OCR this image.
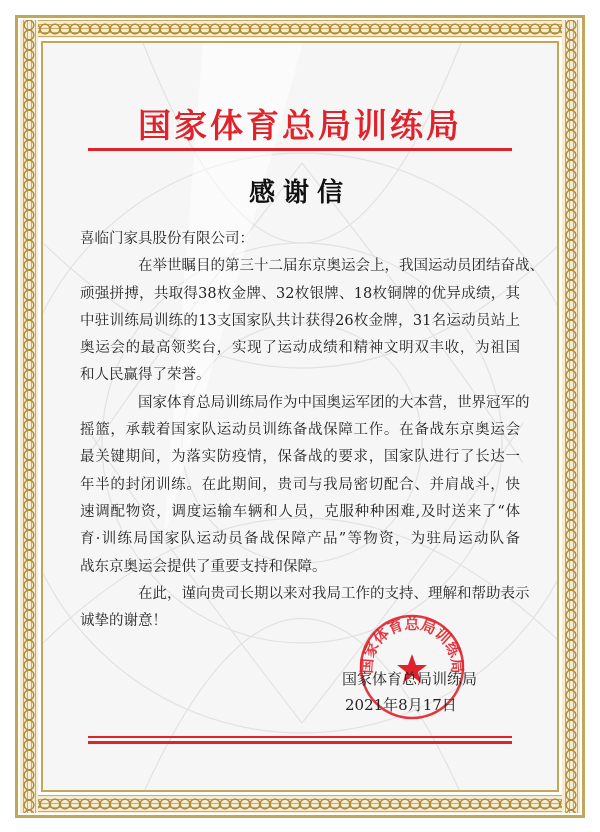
国家体育总局训练局
感谢信
喜临门家具股份有限公司：
在举世瞩目的第三十二届东京奥运会上，我国运动员团结奋战、
顽强拼搏，共取得38枚金牌、32枚银牌、18枚铜牌的优异成绩，其
中驻训练局训练的13支国家队共计获得26枚金牌，31名运动员站上
奥运会的最高领奖台，实现了运动成绩和精神文明双丰收，为祖国
和人民赢得了荣誉。
国家体育总局训练局作为中国奥运军团的大本营，世界冠军的
摇篮，承载着国家队运动员训练备战保障工作。在备战东京奥运会
最关键期间，为落实防疫情，保备战的要求，国家队进行了长达一
年半的封闭训练。在此期间，贵司与我局密切配合、并肩战斗，快
速调配物资，调度运输车辆和人员，克服种种困难,及时送来了“体
育·训练局国家队运动员备战保障产品”等物资，为驻局运动队备
战东京奥运会提供了重要支持和保障。
在此，谨向贵司长期以来对我局工作的支持、理解和帮助表示
诚挚的谢意！
国家体育总局训练局
国家体育总局训练局
2021年8月17日
